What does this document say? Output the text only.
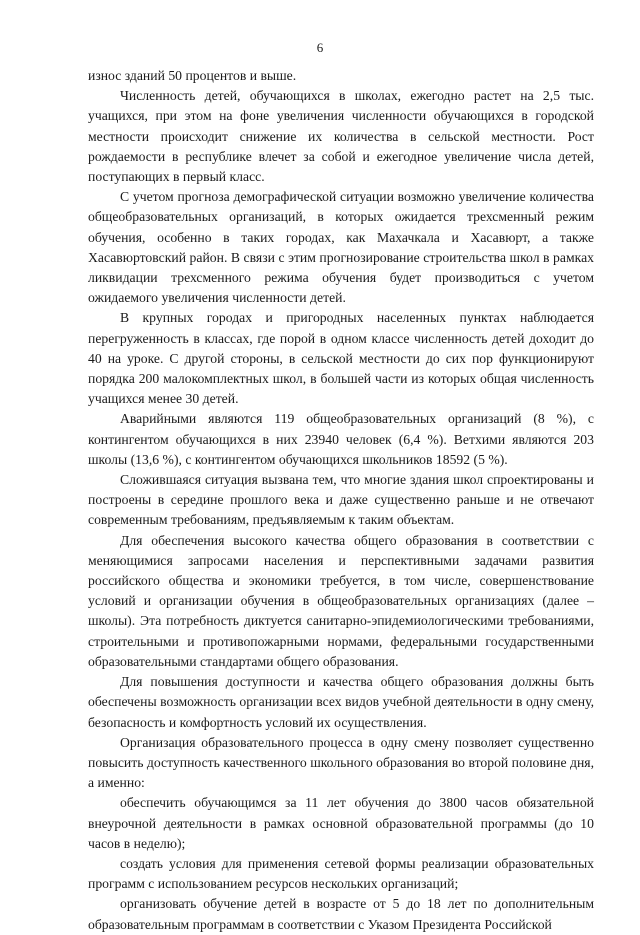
6

износ зданий 50 процентов и выше.

Численность детей, обучающихся в школах, ежегодно растет на 2,5 тыс. учащихся, при этом на фоне увеличения численности обучающихся в городской местности происходит снижение их количества в сельской местности. Рост рождаемости в республике влечет за собой и ежегодное увеличение числа детей, поступающих в первый класс.

С учетом прогноза демографической ситуации возможно увеличение количества общеобразовательных организаций, в которых ожидается трехсменный режим обучения, особенно в таких городах, как Махачкала и Хасавюрт, а также Хасавюртовский район. В связи с этим прогнозирование строительства школ в рамках ликвидации трехсменного режима обучения будет производиться с учетом ожидаемого увеличения численности детей.

В крупных городах и пригородных населенных пунктах наблюдается перегруженность в классах, где порой в одном классе численность детей доходит до 40 на уроке. С другой стороны, в сельской местности до сих пор функционируют порядка 200 малокомплектных школ, в большей части из которых общая численность учащихся менее 30 детей.

Аварийными являются 119 общеобразовательных организаций (8 %), с контингентом обучающихся в них 23940 человек (6,4 %). Ветхими являются 203 школы (13,6 %), с контингентом обучающихся школьников 18592 (5 %).

Сложившаяся ситуация вызвана тем, что многие здания школ спроектированы и построены в середине прошлого века и даже существенно раньше и не отвечают современным требованиям, предъявляемым к таким объектам.

Для обеспечения высокого качества общего образования в соответствии с меняющимися запросами населения и перспективными задачами развития российского общества и экономики требуется, в том числе, совершенствование условий и организации обучения в общеобразовательных организациях (далее – школы). Эта потребность диктуется санитарно-эпидемиологическими требованиями, строительными и противопожарными нормами, федеральными государственными образовательными стандартами общего образования.

Для повышения доступности и качества общего образования должны быть обеспечены возможность организации всех видов учебной деятельности в одну смену, безопасность и комфортность условий их осуществления.

Организация образовательного процесса в одну смену позволяет существенно повысить доступность качественного школьного образования во второй половине дня, а именно:

обеспечить обучающимся за 11 лет обучения до 3800 часов обязательной внеурочной деятельности в рамках основной образовательной программы (до 10 часов в неделю);

создать условия для применения сетевой формы реализации образовательных программ с использованием ресурсов нескольких организаций;

организовать обучение детей в возрасте от 5 до 18 лет по дополнительным образовательным программам в соответствии с Указом Президента Российской
